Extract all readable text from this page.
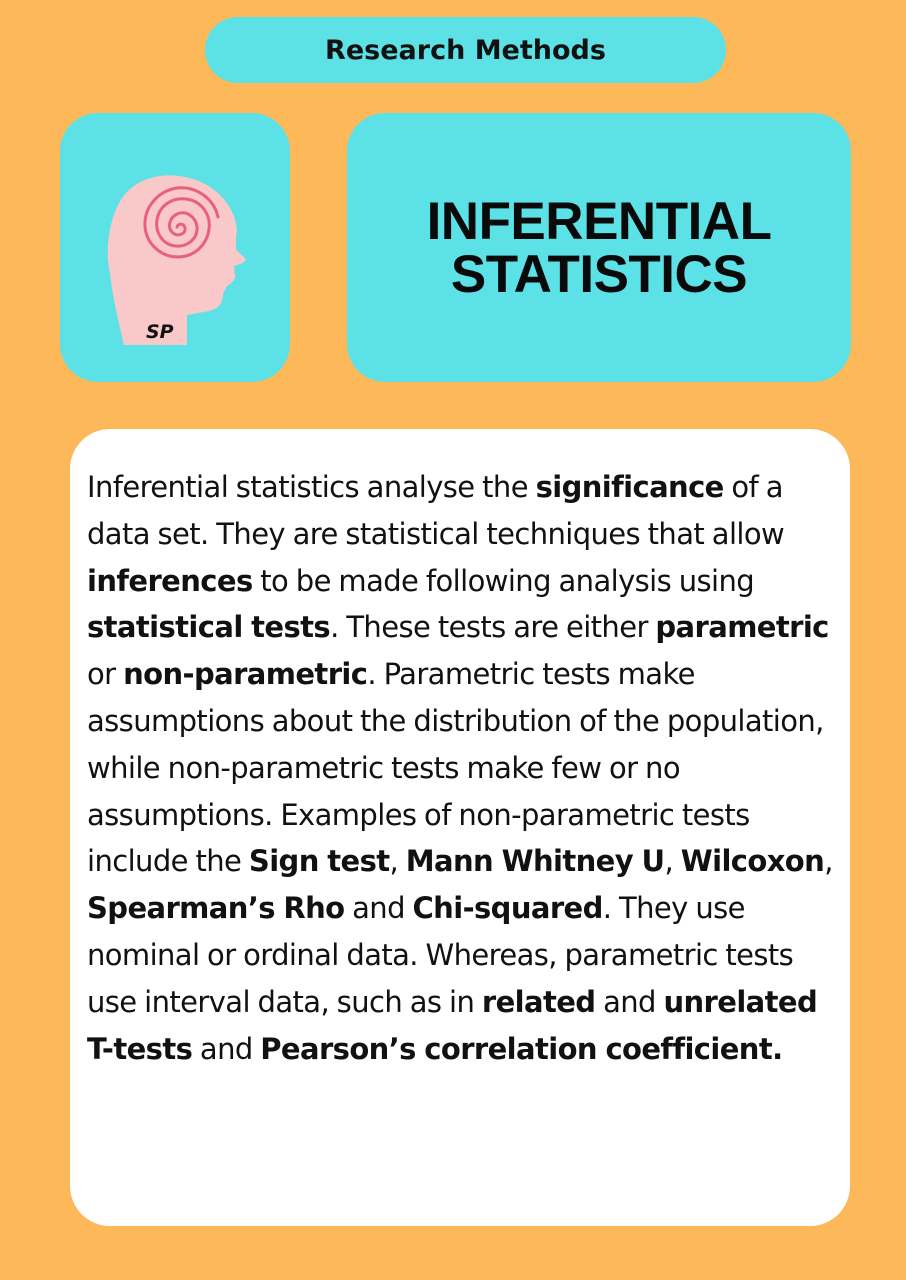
Research Methods
SP
INFERENTIAL
STATISTICS
Inferential statistics analyse the significance of a data set. They are statistical techniques that allow inferences to be made following analysis using statistical tests. These tests are either parametric or non-parametric. Parametric tests make assumptions about the distribution of the population, while non-parametric tests make few or no assumptions. Examples of non-parametric tests include the Sign test, Mann Whitney U, Wilcoxon, Spearman’s Rho and Chi-squared. They use nominal or ordinal data. Whereas, parametric tests use interval data, such as in related and unrelated T-tests and Pearson’s correlation coefficient.
